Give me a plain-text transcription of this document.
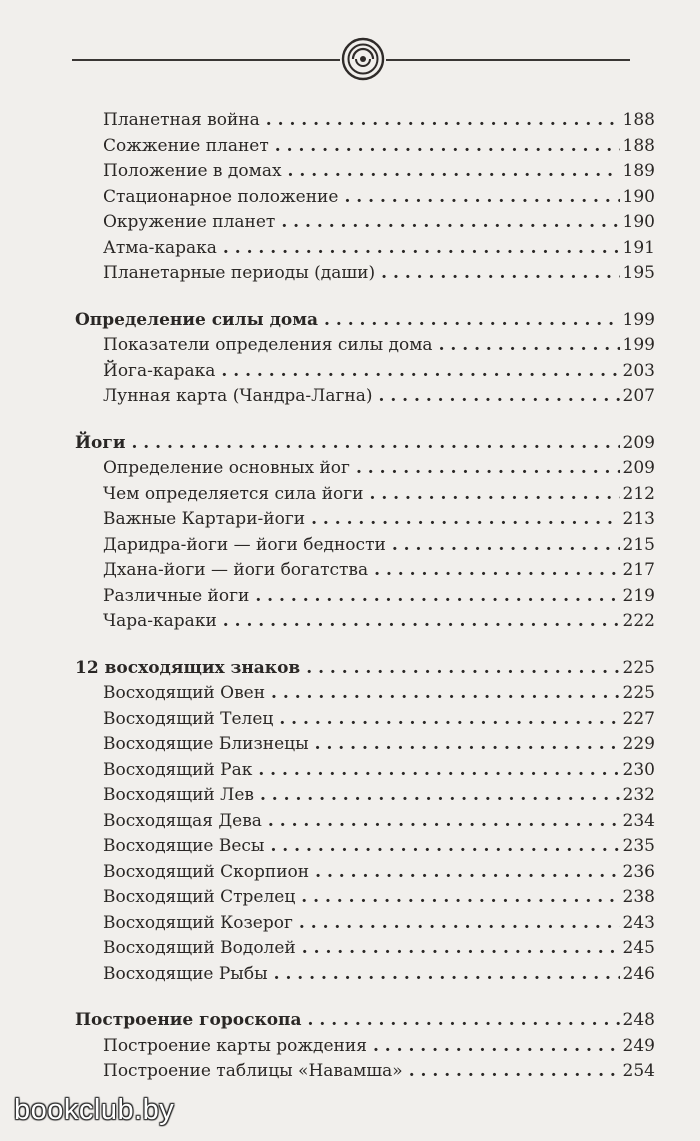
Планетная война . . .	188
Сожжение планет . . .	188
Положение в домах . . .	189
Стационарное положение . . .	190
Окружение планет . . .	190
Атма-карака . . .	191
Планетарные периоды (даши) . . .	195
Определение силы дома . . .	199
Показатели определения силы дома . . .	199
Йога-карака . . .	203
Лунная карта (Чандра-Лагна) . . .	207
Йоги . . .	209
Определение основных йог . . .	209
Чем определяется сила йоги . . .	212
Важные Картари-йоги . . .	213
Даридра-йоги — йоги бедности . . .	215
Дхана-йоги — йоги богатства . . .	217
Различные йоги . . .	219
Чара-караки . . .	222
12 восходящих знаков . . .	225
Восходящий Овен . . .	225
Восходящий Телец . . .	227
Восходящие Близнецы . . .	229
Восходящий Рак . . .	230
Восходящий Лев . . .	232
Восходящая Дева . . .	234
Восходящие Весы . . .	235
Восходящий Скорпион . . .	236
Восходящий Стрелец . . .	238
Восходящий Козерог . . .	243
Восходящий Водолей . . .	245
Восходящие Рыбы . . .	246
Построение гороскопа . . .	248
Построение карты рождения . . .	249
Построение таблицы «Навамша» . . .	254
bookclub.by
